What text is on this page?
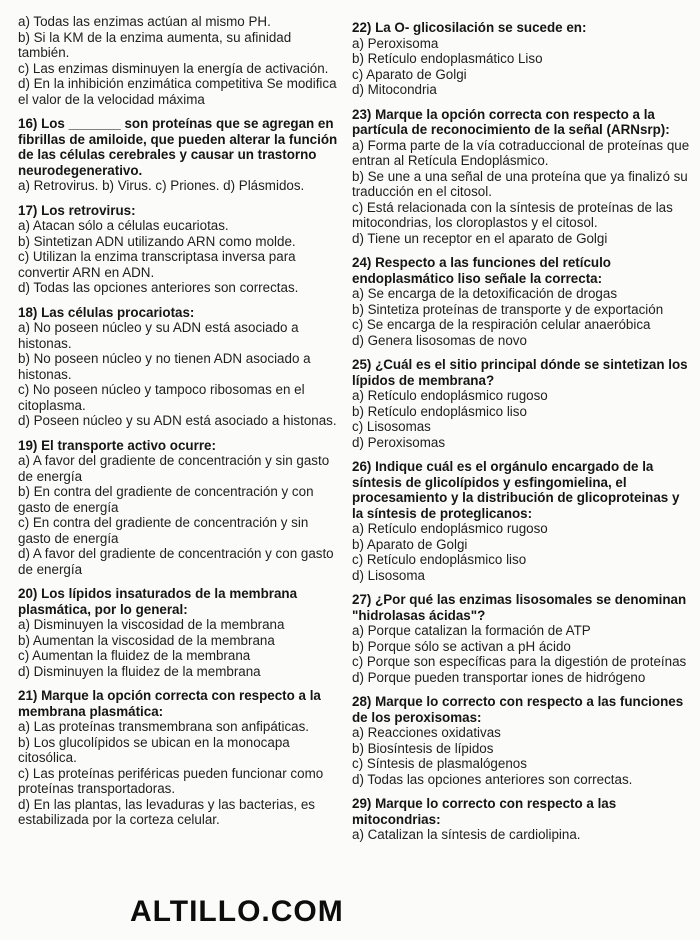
a) Todas las enzimas actúan al mismo PH.

b) Si la KM de la enzima aumenta, su afinidad también.

c) Las enzimas disminuyen la energía de activación.

d) En la inhibición enzimática competitiva Se modifica el valor de la velocidad máxima

16) Los _______ son proteínas que se agregan en fibrillas de amiloide, que pueden alterar la función de las células cerebrales y causar un trastorno neurodegenerativo.

a) Retrovirus. b) Virus. c) Priones. d) Plásmidos.

17) Los retrovirus:

a) Atacan sólo a células eucariotas.

b) Sintetizan ADN utilizando ARN como molde.

c) Utilizan la enzima transcriptasa inversa para convertir ARN en ADN.

d) Todas las opciones anteriores son correctas.

18) Las células procariotas:

a) No poseen núcleo y su ADN está asociado a histonas.

b) No poseen núcleo y no tienen ADN asociado a histonas.

c) No poseen núcleo y tampoco ribosomas en el citoplasma.

d) Poseen núcleo y su ADN está asociado a histonas.

19) El transporte activo ocurre:

a) A favor del gradiente de concentración y sin gasto de energía

b) En contra del gradiente de concentración y con gasto de energía

c) En contra del gradiente de concentración y sin gasto de energía

d) A favor del gradiente de concentración y con gasto de energía

20) Los lípidos insaturados de la membrana plasmática, por lo general:

a) Disminuyen la viscosidad de la membrana

b) Aumentan la viscosidad de la membrana

c) Aumentan la fluidez de la membrana

d) Disminuyen la fluidez de la membrana

21) Marque la opción correcta con respecto a la membrana plasmática:

a) Las proteínas transmembrana son anfipáticas.

b) Los glucolípidos se ubican en la monocapa citosólica.

c) Las proteínas periféricas pueden funcionar como proteínas transportadoras.

d) En las plantas, las levaduras y las bacterias, es estabilizada por la corteza celular.

22) La O- glicosilación se sucede en:

a) Peroxisoma

b) Retículo endoplasmático Liso

c) Aparato de Golgi

d) Mitocondria

23) Marque la opción correcta con respecto a la partícula de reconocimiento de la señal (ARNsrp):

a) Forma parte de la vía cotraduccional de proteínas que entran al Retícula Endoplásmico.

b) Se une a una señal de una proteína que ya finalizó su traducción en el citosol.

c) Está relacionada con la síntesis de proteínas de las mitocondrias, los cloroplastos y el citosol.

d) Tiene un receptor en el aparato de Golgi

24) Respecto a las funciones del retículo endoplasmático liso señale la correcta:

a) Se encarga de la detoxificación de drogas

b) Sintetiza proteínas de transporte y de exportación

c) Se encarga de la respiración celular anaeróbica

d) Genera lisosomas de novo

25) ¿Cuál es el sitio principal dónde se sintetizan los lípidos de membrana?

a) Retículo endoplásmico rugoso

b) Retículo endoplásmico liso

c) Lisosomas

d) Peroxisomas

26) Indique cuál es el orgánulo encargado de la síntesis de glicolípidos y esfingomielina, el procesamiento y la distribución de glicoproteinas y la síntesis de proteglicanos:

a) Retículo endoplásmico rugoso

b) Aparato de Golgi

c) Retículo endoplásmico liso

d) Lisosoma

27) ¿Por qué las enzimas lisosomales se denominan "hidrolasas ácidas"?

a) Porque catalizan la formación de ATP

b) Porque sólo se activan a pH ácido

c) Porque son específicas para la digestión de proteínas

d) Porque pueden transportar iones de hidrógeno

28) Marque lo correcto con respecto a las funciones de los peroxisomas:

a) Reacciones oxidativas

b) Biosíntesis de lípidos

c) Síntesis de plasmalógenos

d) Todas las opciones anteriores son correctas.

29) Marque lo correcto con respecto a las mitocondrias:

a) Catalizan la síntesis de cardiolipina.

ALTILLO.COM
